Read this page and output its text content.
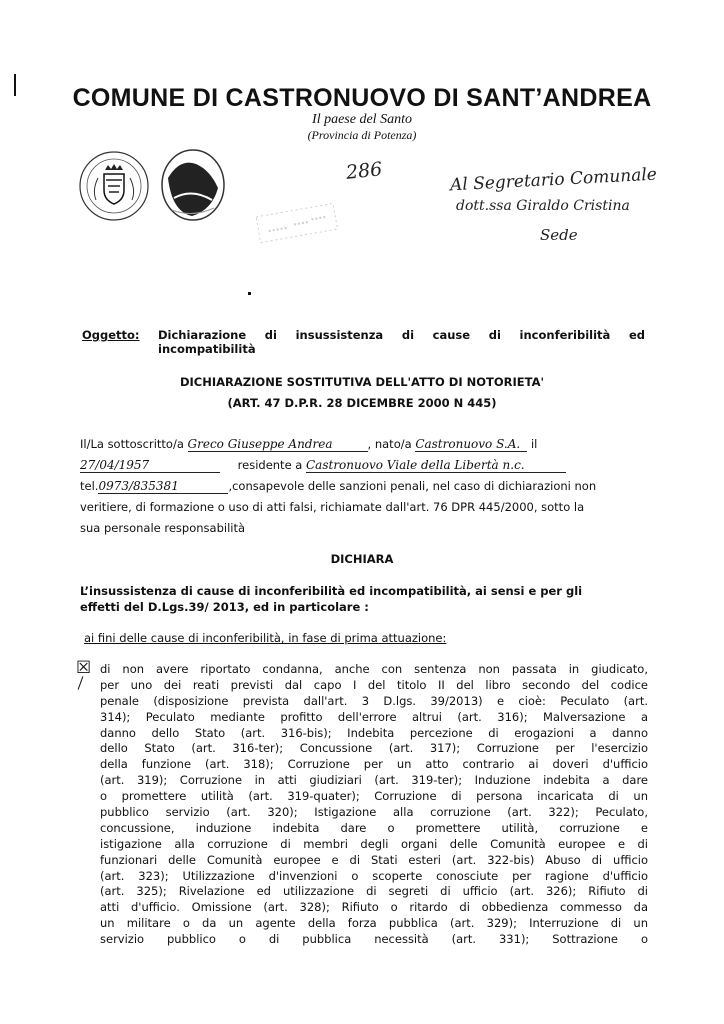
COMUNE DI CASTRONUOVO DI SANT’ANDREA
Il paese del Santo
(Provincia di Potenza)
286	Al Segretario Comunale
dott.ssa Giraldo Cristina
Sede
Oggetto: Dichiarazione di insussistenza di cause di inconferibilità ed
incompatibilità
DICHIARAZIONE SOSTITUTIVA DELL'ATTO DI NOTORIETA'
(ART. 47 D.P.R. 28 DICEMBRE 2000 N 445)
Il/La sottoscritto/a Greco Giuseppe Andrea	, nato/a Castronuovo S.A. il
27/04/1957	residente a Castronuovo Viale della Libertà n.c.
tel.0973/835381	,consapevole delle sanzioni penali, nel caso di dichiarazioni non
veritiere, di formazione o uso di atti falsi, richiamate dall'art. 76 DPR 445/2000, sotto la
sua personale responsabilità
DICHIARA
L’insussistenza di cause di inconferibilità ed incompatibilità, ai sensi e per gli
effetti del D.Lgs.39/ 2013, ed in particolare :
ai fini delle cause di inconferibilità, in fase di prima attuazione:
☒ di non avere riportato condanna, anche con sentenza non passata in giudicato,
per uno dei reati previsti dal capo I del titolo II del libro secondo del codice
penale (disposizione prevista dall'art. 3 D.lgs. 39/2013) e cioè: Peculato (art.
314); Peculato mediante profitto dell'errore altrui (art. 316); Malversazione a
danno dello Stato (art. 316-bis); Indebita percezione di erogazioni a danno
dello Stato (art. 316-ter); Concussione (art. 317); Corruzione per l'esercizio
della funzione (art. 318); Corruzione per un atto contrario ai doveri d'ufficio
(art. 319); Corruzione in atti giudiziari (art. 319-ter); Induzione indebita a dare
o promettere utilità (art. 319-quater); Corruzione di persona incaricata di un
pubblico servizio (art. 320); Istigazione alla corruzione (art. 322); Peculato,
concussione, induzione indebita dare o promettere utilità, corruzione e
istigazione alla corruzione di membri degli organi delle Comunità europee e di
funzionari delle Comunità europee e di Stati esteri (art. 322-bis) Abuso di ufficio
(art. 323); Utilizzazione d'invenzioni o scoperte conosciute per ragione d'ufficio
(art. 325); Rivelazione ed utilizzazione di segreti di ufficio (art. 326); Rifiuto di
atti d'ufficio. Omissione (art. 328); Rifiuto o ritardo di obbedienza commesso da
un militare o da un agente della forza pubblica (art. 329); Interruzione di un
servizio pubblico o di pubblica necessità (art. 331); Sottrazione o
